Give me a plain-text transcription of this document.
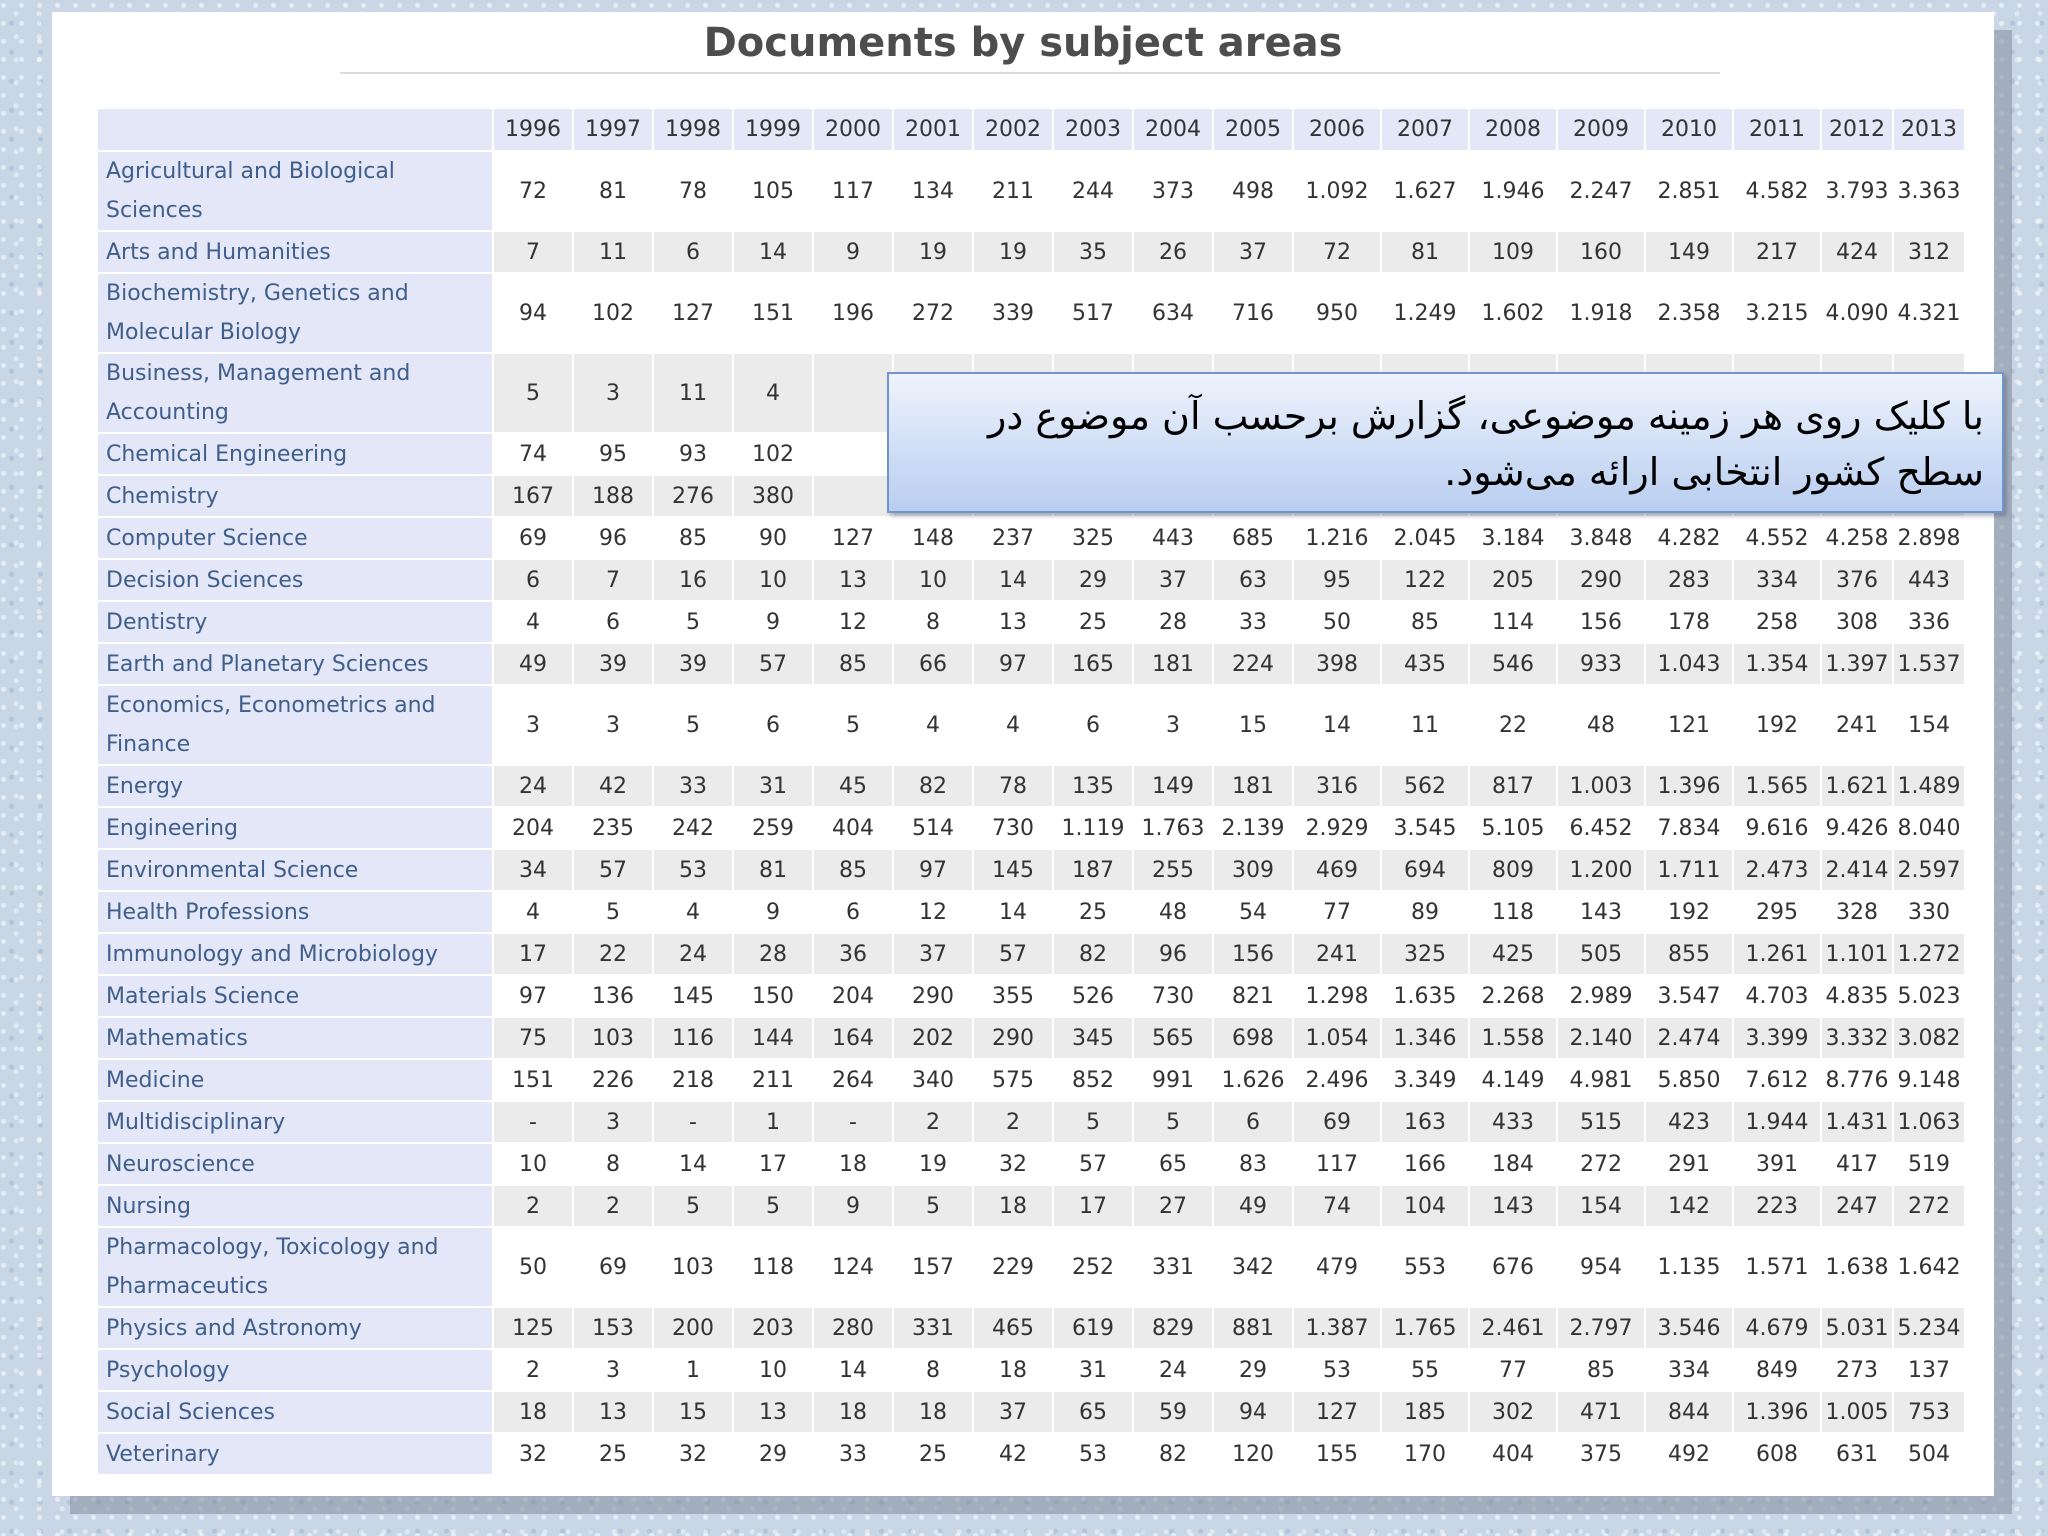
Documents by subject areas
	1996	1997	1998	1999	2000	2001	2002	2003	2004	2005	2006	2007	2008	2009	2010	2011	2012	2013
Agricultural and Biological Sciences	72	81	78	105	117	134	211	244	373	498	1.092	1.627	1.946	2.247	2.851	4.582	3.793	3.363
Arts and Humanities	7	11	6	14	9	19	19	35	26	37	72	81	109	160	149	217	424	312
Biochemistry, Genetics and Molecular Biology	94	102	127	151	196	272	339	517	634	716	950	1.249	1.602	1.918	2.358	3.215	4.090	4.321
Business, Management and Accounting	5	3	11	4														
Chemical Engineering	74	95	93	102														
Chemistry	167	188	276	380														
Computer Science	69	96	85	90	127	148	237	325	443	685	1.216	2.045	3.184	3.848	4.282	4.552	4.258	2.898
Decision Sciences	6	7	16	10	13	10	14	29	37	63	95	122	205	290	283	334	376	443
Dentistry	4	6	5	9	12	8	13	25	28	33	50	85	114	156	178	258	308	336
Earth and Planetary Sciences	49	39	39	57	85	66	97	165	181	224	398	435	546	933	1.043	1.354	1.397	1.537
Economics, Econometrics and Finance	3	3	5	6	5	4	4	6	3	15	14	11	22	48	121	192	241	154
Energy	24	42	33	31	45	82	78	135	149	181	316	562	817	1.003	1.396	1.565	1.621	1.489
Engineering	204	235	242	259	404	514	730	1.119	1.763	2.139	2.929	3.545	5.105	6.452	7.834	9.616	9.426	8.040
Environmental Science	34	57	53	81	85	97	145	187	255	309	469	694	809	1.200	1.711	2.473	2.414	2.597
Health Professions	4	5	4	9	6	12	14	25	48	54	77	89	118	143	192	295	328	330
Immunology and Microbiology	17	22	24	28	36	37	57	82	96	156	241	325	425	505	855	1.261	1.101	1.272
Materials Science	97	136	145	150	204	290	355	526	730	821	1.298	1.635	2.268	2.989	3.547	4.703	4.835	5.023
Mathematics	75	103	116	144	164	202	290	345	565	698	1.054	1.346	1.558	2.140	2.474	3.399	3.332	3.082
Medicine	151	226	218	211	264	340	575	852	991	1.626	2.496	3.349	4.149	4.981	5.850	7.612	8.776	9.148
Multidisciplinary	-	3	-	1	-	2	2	5	5	6	69	163	433	515	423	1.944	1.431	1.063
Neuroscience	10	8	14	17	18	19	32	57	65	83	117	166	184	272	291	391	417	519
Nursing	2	2	5	5	9	5	18	17	27	49	74	104	143	154	142	223	247	272
Pharmacology, Toxicology and Pharmaceutics	50	69	103	118	124	157	229	252	331	342	479	553	676	954	1.135	1.571	1.638	1.642
Physics and Astronomy	125	153	200	203	280	331	465	619	829	881	1.387	1.765	2.461	2.797	3.546	4.679	5.031	5.234
Psychology	2	3	1	10	14	8	18	31	24	29	53	55	77	85	334	849	273	137
Social Sciences	18	13	15	13	18	18	37	65	59	94	127	185	302	471	844	1.396	1.005	753
Veterinary	32	25	32	29	33	25	42	53	82	120	155	170	404	375	492	608	631	504
با کلیک روی هر زمینه موضوعی، گزارش برحسب آن موضوع در سطح کشور انتخابی ارائه می‌شود.
